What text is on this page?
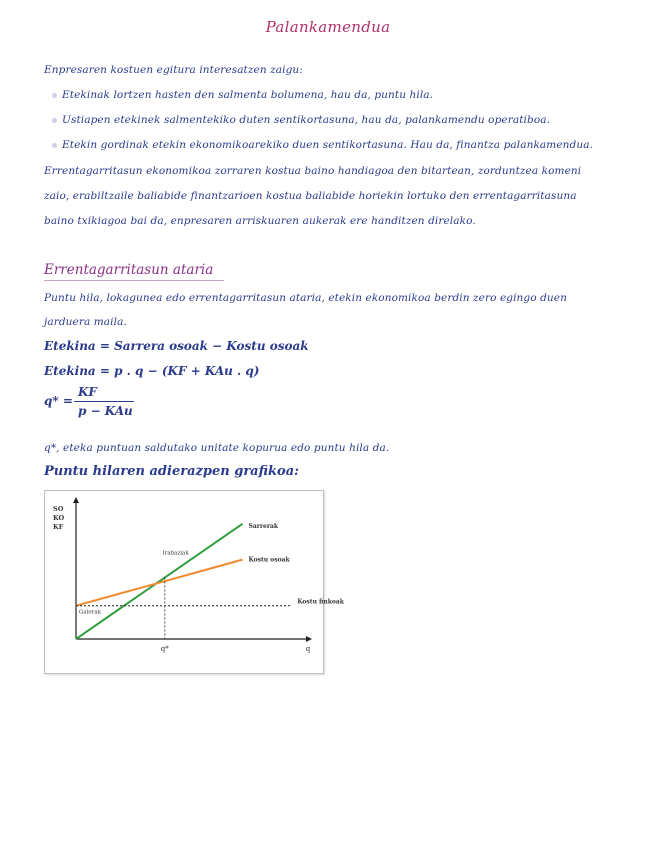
Palankamendua
Enpresaren kostuen egitura interesatzen zaigu:
Etekinak lortzen hasten den salmenta bolumena, hau da, puntu hila.
Ustiapen etekinek salmentekiko duten sentikortasuna, hau da, palankamendu operatiboa.
Etekin gordinak etekin ekonomikoarekiko duen sentikortasuna. Hau da, finantza palankamendua.
Errentagarritasun ekonomikoa zorraren kostua baino handiagoa den bitartean, zorduntzea komeni
zaio, erabiltzaile baliabide finantzarioen kostua baliabide horiekin lortuko den errentagarritasuna
baino txikiagoa bai da, enpresaren arriskuaren aukerak ere handitzen direlako.
Errentagarritasun ataria
Puntu hila, lokagunea edo errentagarritasun ataria, etekin ekonomikoa berdin zero egingo duen
jarduera maila.
Etekina = Sarrera osoak − Kostu osoak
Etekina = p . q − (KF + KAu . q)
q* =
KF
p − KAu
q*, eteka puntuan saldutako unitate kopurua edo puntu hila da.
Puntu hilaren adierazpen grafikoa:
SO
KO
KF
q
Sarrerak
Kostu osoak
Kostu finkoak
q*
Irabaziak
Galerak
